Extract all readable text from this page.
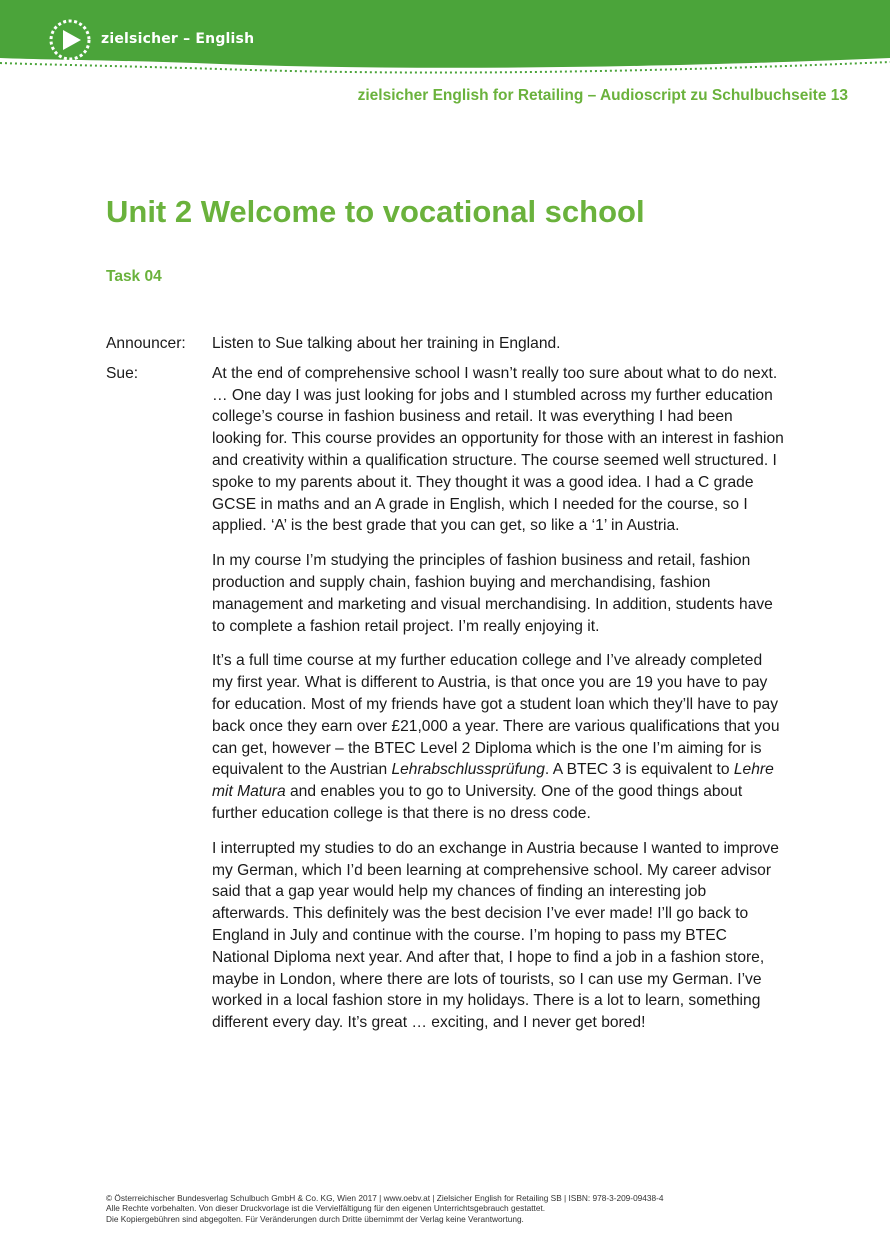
zielsicher – English
zielsicher English for Retailing – Audioscript zu Schulbuchseite 13
Unit 2 Welcome to vocational school
Task 04
Announcer:	Listen to Sue talking about her training in England.
Sue:	At the end of comprehensive school I wasn’t really too sure about what to do next. … One day I was just looking for jobs and I stumbled across my further education college’s course in fashion business and retail. It was everything I had been looking for. This course provides an opportunity for those with an interest in fashion and creativity within a qualification structure. The course seemed well structured. I spoke to my parents about it. They thought it was a good idea. I had a C grade GCSE in maths and an A grade in English, which I needed for the course, so I applied. ‘A’ is the best grade that you can get, so like a ‘1’ in Austria.

In my course I’m studying the principles of fashion business and retail, fashion production and supply chain, fashion buying and merchandising, fashion management and marketing and visual merchandising. In addition, students have to complete a fashion retail project. I’m really enjoying it.

It’s a full time course at my further education college and I’ve already completed my first year. What is different to Austria, is that once you are 19 you have to pay for education. Most of my friends have got a student loan which they’ll have to pay back once they earn over £21,000 a year. There are various qualifications that you can get, however – the BTEC Level 2 Diploma which is the one I’m aiming for is equivalent to the Austrian Lehrabschlussprüfung. A BTEC 3 is equivalent to Lehre mit Matura and enables you to go to University. One of the good things about further education college is that there is no dress code.

I interrupted my studies to do an exchange in Austria because I wanted to improve my German, which I’d been learning at comprehensive school. My career advisor said that a gap year would help my chances of finding an interesting job afterwards. This definitely was the best decision I’ve ever made! I’ll go back to England in July and continue with the course. I’m hoping to pass my BTEC National Diploma next year. And after that, I hope to find a job in a fashion store, maybe in London, where there are lots of tourists, so I can use my German. I’ve worked in a local fashion store in my holidays. There is a lot to learn, something different every day. It’s great … exciting, and I never get bored!

© Österreichischer Bundesverlag Schulbuch GmbH & Co. KG, Wien 2017 | www.oebv.at | Zielsicher English for Retailing SB | ISBN: 978-3-209-09438-4
Alle Rechte vorbehalten. Von dieser Druckvorlage ist die Vervielfältigung für den eigenen Unterrichtsgebrauch gestattet.
Die Kopiergebühren sind abgegolten. Für Veränderungen durch Dritte übernimmt der Verlag keine Verantwortung.
